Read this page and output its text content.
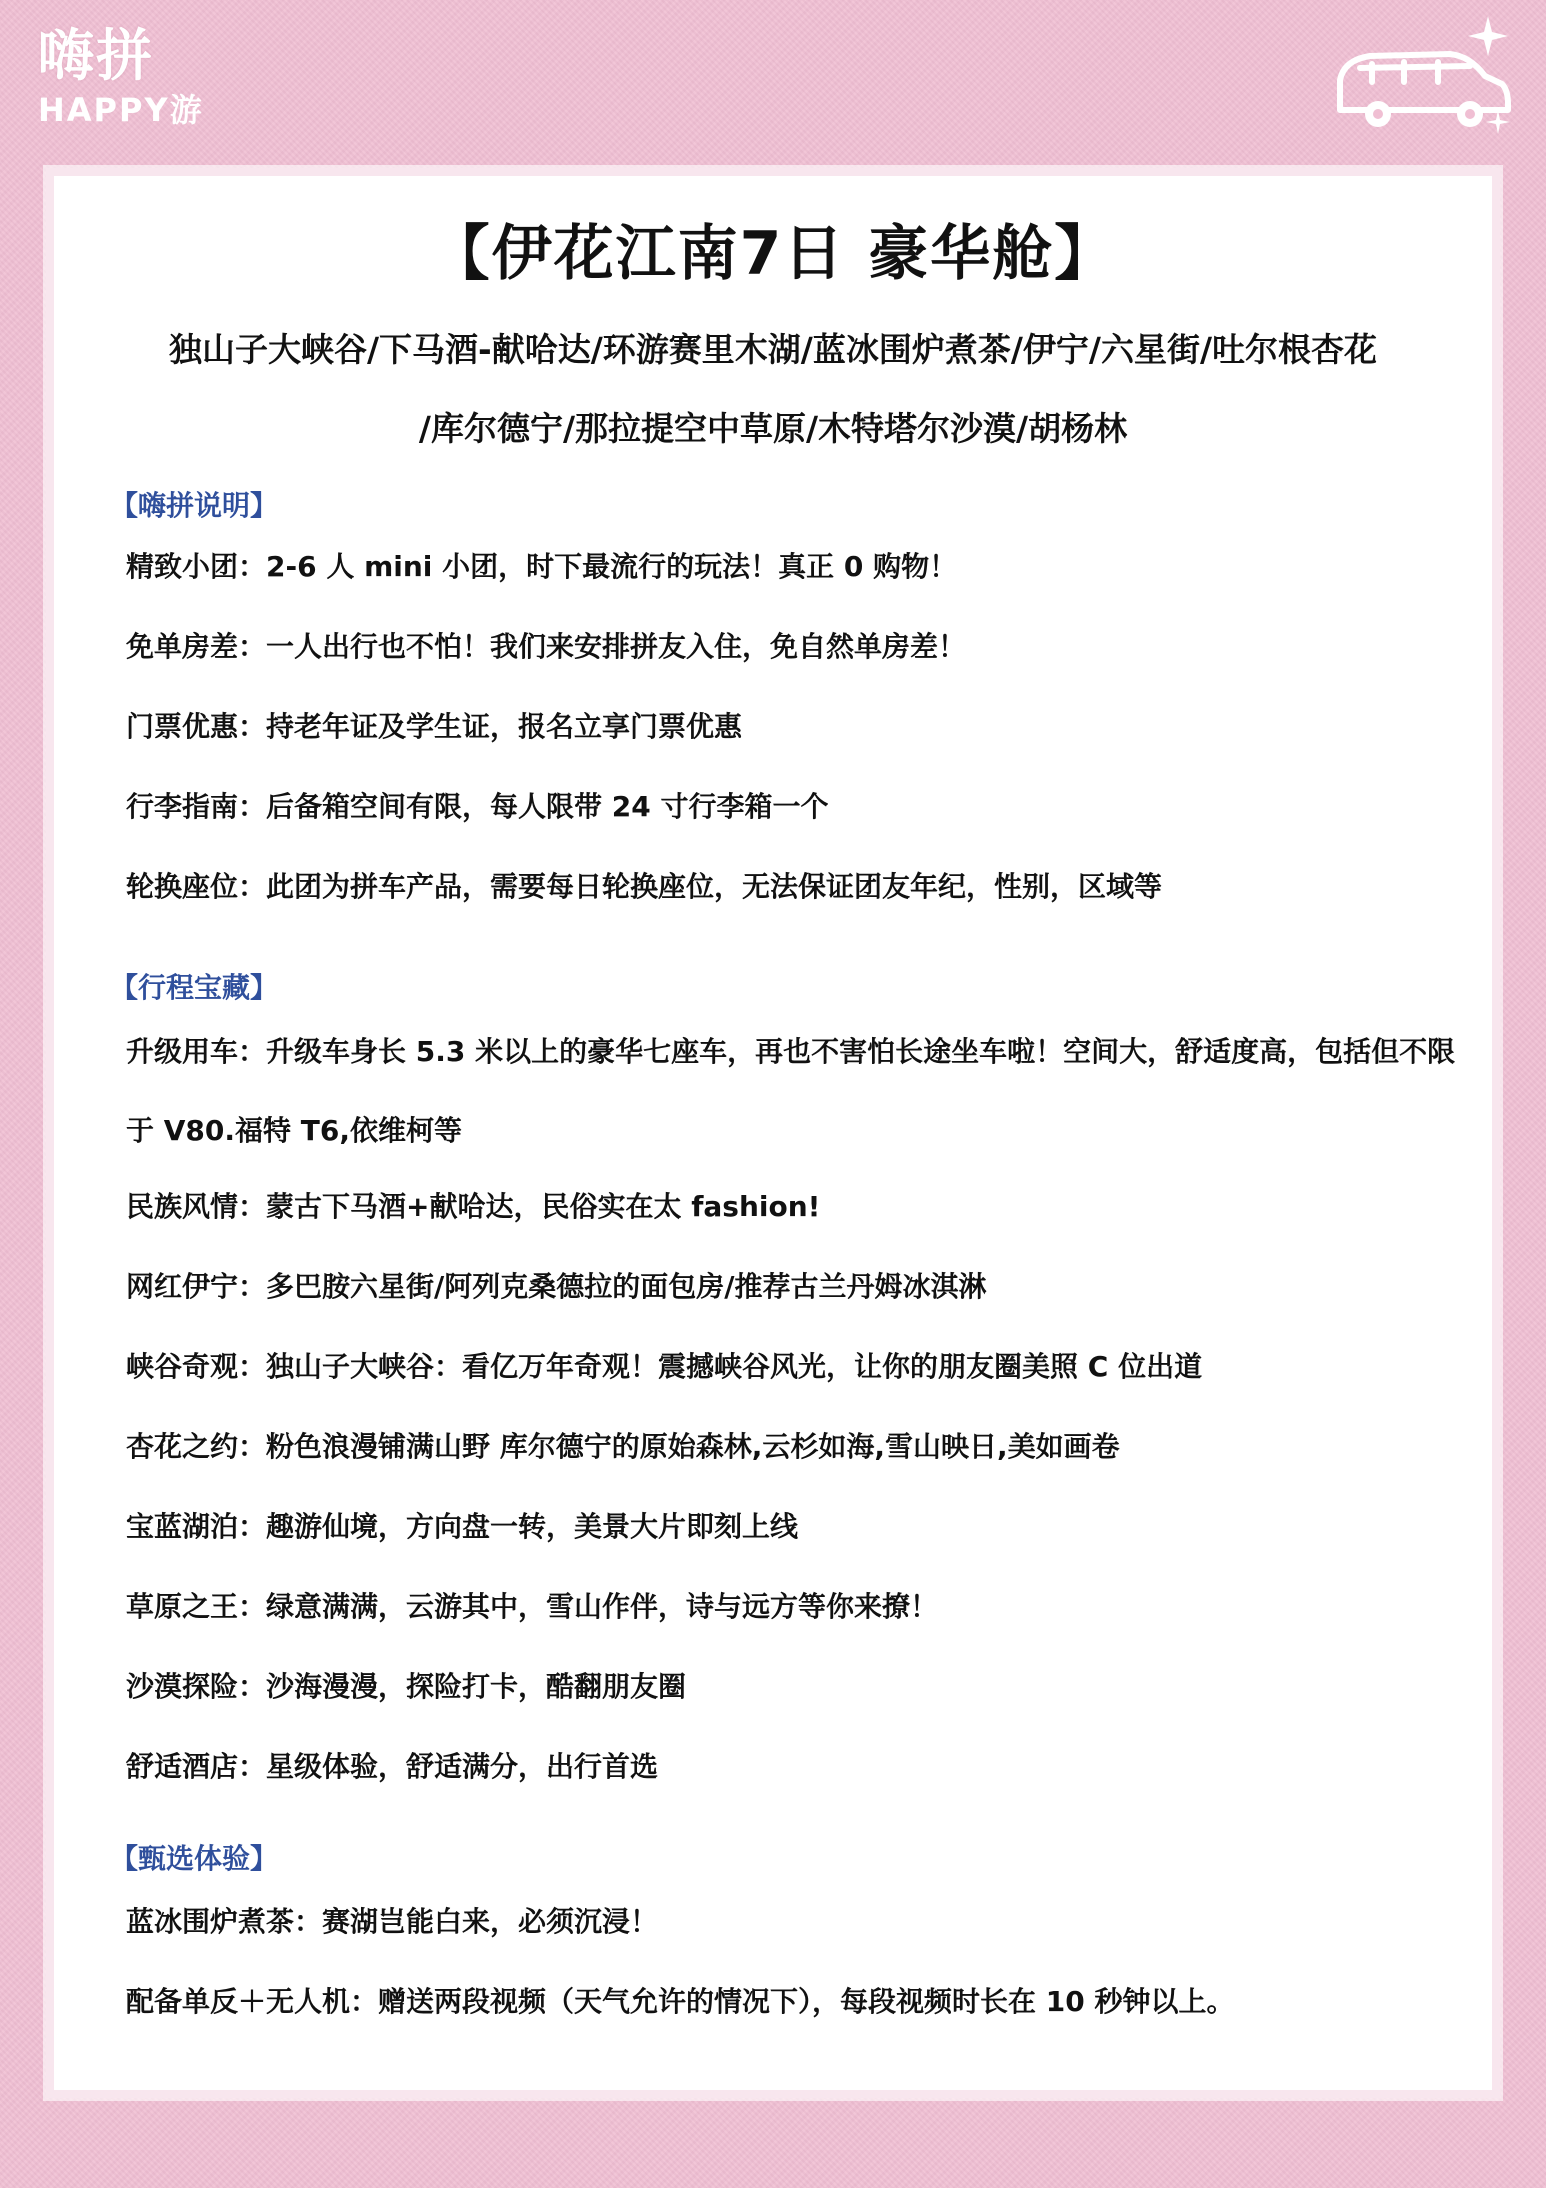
嗨拼
HAPPY游
【伊花江南7日 豪华舱】
独山子大峡谷/下马酒-献哈达/环游赛里木湖/蓝冰围炉煮茶/伊宁/六星街/吐尔根杏花
/库尔德宁/那拉提空中草原/木特塔尔沙漠/胡杨林
【嗨拼说明】
精致小团：2-6 人 mini 小团，时下最流行的玩法！真正 0 购物！
免单房差：一人出行也不怕！我们来安排拼友入住，免自然单房差！
门票优惠：持老年证及学生证，报名立享门票优惠
行李指南：后备箱空间有限，每人限带 24 寸行李箱一个
轮换座位：此团为拼车产品，需要每日轮换座位，无法保证团友年纪，性别，区域等
【行程宝藏】
升级用车：升级车身长 5.3 米以上的豪华七座车，再也不害怕长途坐车啦！空间大，舒适度高，包括但不限于 V80.福特 T6,依维柯等
民族风情：蒙古下马酒+献哈达，民俗实在太 fashion!
网红伊宁：多巴胺六星街/阿列克桑德拉的面包房/推荐古兰丹姆冰淇淋
峡谷奇观：独山子大峡谷：看亿万年奇观！震撼峡谷风光，让你的朋友圈美照 C 位出道
杏花之约：粉色浪漫铺满山野 库尔德宁的原始森林,云杉如海,雪山映日,美如画卷
宝蓝湖泊：趣游仙境，方向盘一转，美景大片即刻上线
草原之王：绿意满满，云游其中，雪山作伴，诗与远方等你来撩！
沙漠探险：沙海漫漫，探险打卡，酷翻朋友圈
舒适酒店：星级体验，舒适满分，出行首选
【甄选体验】
蓝冰围炉煮茶：赛湖岂能白来，必须沉浸！
配备单反＋无人机：赠送两段视频（天气允许的情况下），每段视频时长在 10 秒钟以上。
